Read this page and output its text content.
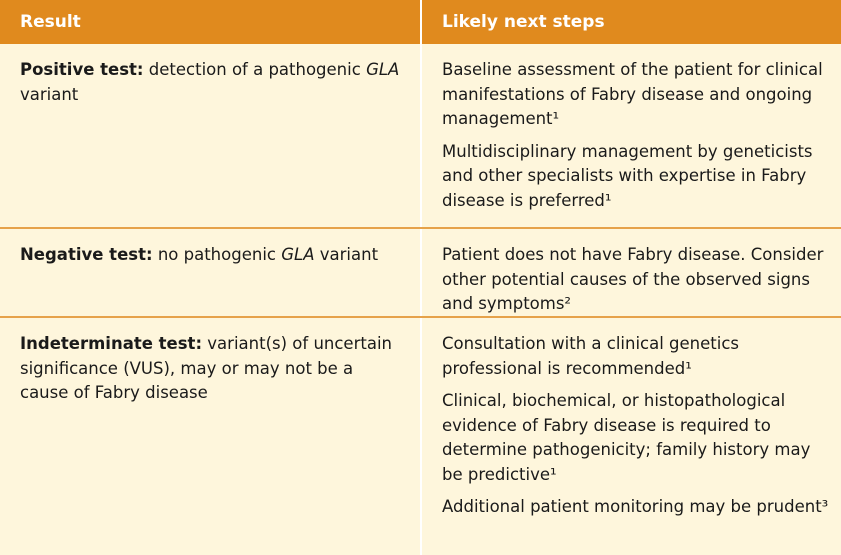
Result	Likely next steps

Positive test: detection of a pathogenic GLA variant

Baseline assessment of the patient for clinical manifestations of Fabry disease and ongoing management¹

Multidisciplinary management by geneticists and other specialists with expertise in Fabry disease is preferred¹

Negative test: no pathogenic GLA variant	Patient does not have Fabry disease. Consider other potential causes of the observed signs and symptoms²

Indeterminate test: variant(s) of uncertain significance (VUS), may or may not be a cause of Fabry disease

Consultation with a clinical genetics professional is recommended¹

Clinical, biochemical, or histopathological evidence of Fabry disease is required to determine pathogenicity; family history may be predictive¹

Additional patient monitoring may be prudent³
